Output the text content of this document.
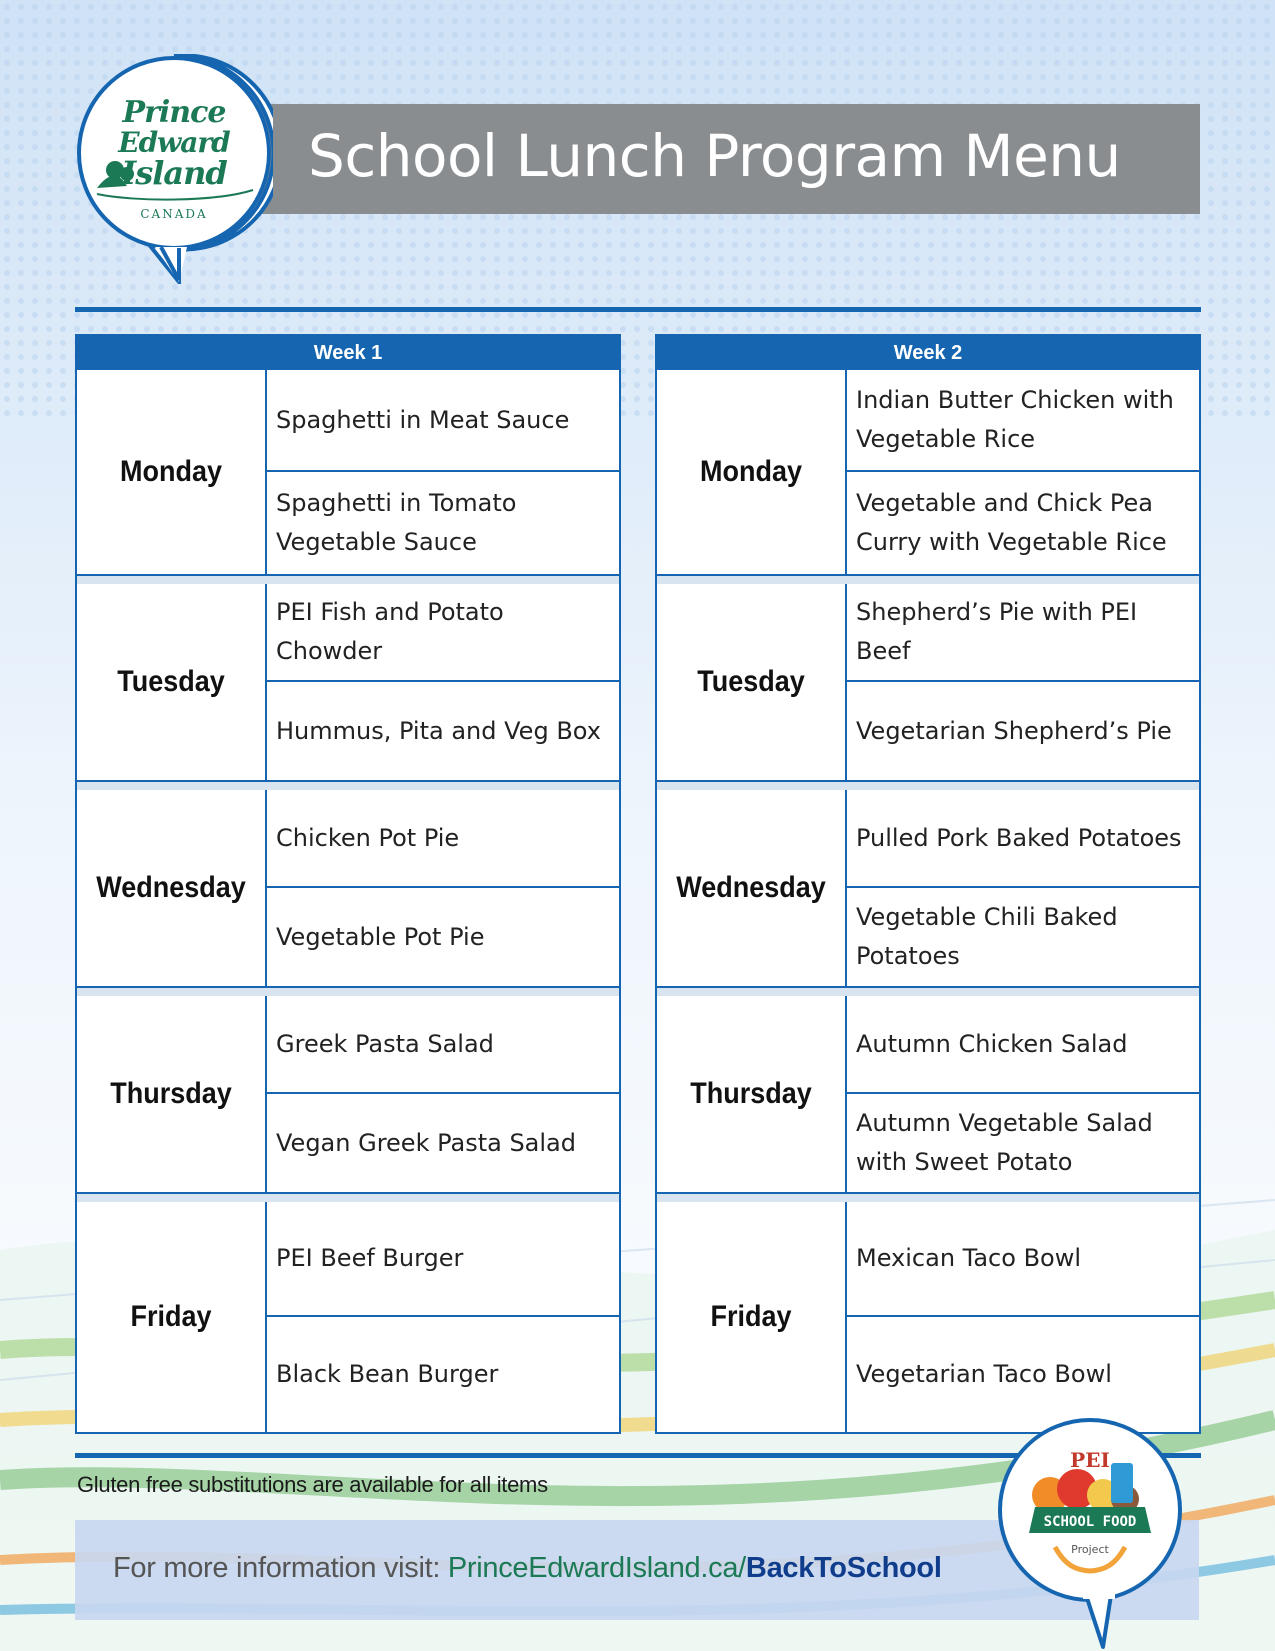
Prince
Edward
Island
CANADA
School Lunch Program Menu
Week 1
Monday
Spaghetti in Meat Sauce
Spaghetti in Tomato Vegetable Sauce
Tuesday
PEI Fish and Potato Chowder
Hummus, Pita and Veg Box
Wednesday
Chicken Pot Pie
Vegetable Pot Pie
Thursday
Greek Pasta Salad
Vegan Greek Pasta Salad
Friday
PEI Beef Burger
Black Bean Burger
Week 2
Monday
Indian Butter Chicken with Vegetable Rice
Vegetable and Chick Pea Curry with Vegetable Rice
Tuesday
Shepherd’s Pie with PEI Beef
Vegetarian Shepherd’s Pie
Wednesday
Pulled Pork Baked Potatoes
Vegetable Chili Baked Potatoes
Thursday
Autumn Chicken Salad
Autumn Vegetable Salad with Sweet Potato
Friday
Mexican Taco Bowl
Vegetarian Taco Bowl
Gluten free substitutions are available for all items
For more information visit: PrinceEdwardIsland.ca/BackToSchool
PEI
SCHOOL FOOD
Project
